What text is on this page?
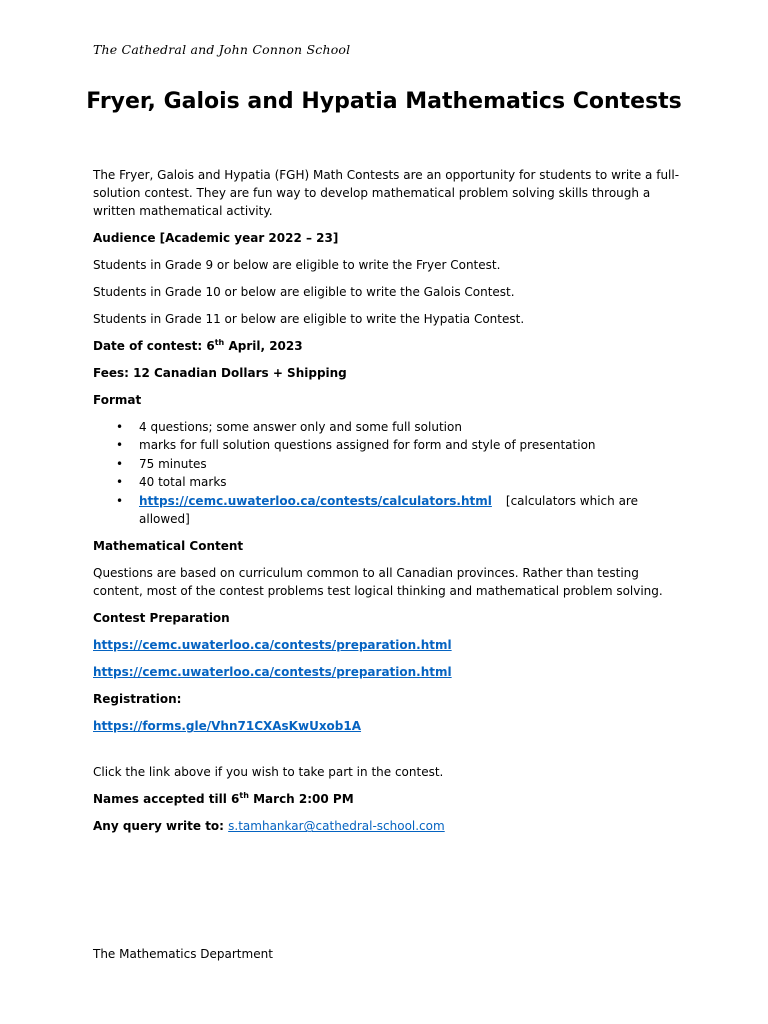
The Cathedral and John Connon School
Fryer, Galois and Hypatia Mathematics Contests

The Fryer, Galois and Hypatia (FGH) Math Contests are an opportunity for students to write a full-solution contest. They are fun way to develop mathematical problem solving skills through a written mathematical activity.

Audience [Academic year 2022 – 23]

Students in Grade 9 or below are eligible to write the Fryer Contest.

Students in Grade 10 or below are eligible to write the Galois Contest.

Students in Grade 11 or below are eligible to write the Hypatia Contest.

Date of contest: 6th April, 2023

Fees: 12 Canadian Dollars + Shipping

Format

• 4 questions; some answer only and some full solution
• marks for full solution questions assigned for form and style of presentation
• 75 minutes
• 40 total marks
• https://cemc.uwaterloo.ca/contests/calculators.html [calculators which are allowed]

Mathematical Content

Questions are based on curriculum common to all Canadian provinces. Rather than testing content, most of the contest problems test logical thinking and mathematical problem solving.

Contest Preparation

https://cemc.uwaterloo.ca/contests/preparation.html

https://cemc.uwaterloo.ca/contests/preparation.html

Registration:

https://forms.gle/Vhn71CXAsKwUxob1A

Click the link above if you wish to take part in the contest.

Names accepted till 6th March 2:00 PM

Any query write to: s.tamhankar@cathedral-school.com

The Mathematics Department
